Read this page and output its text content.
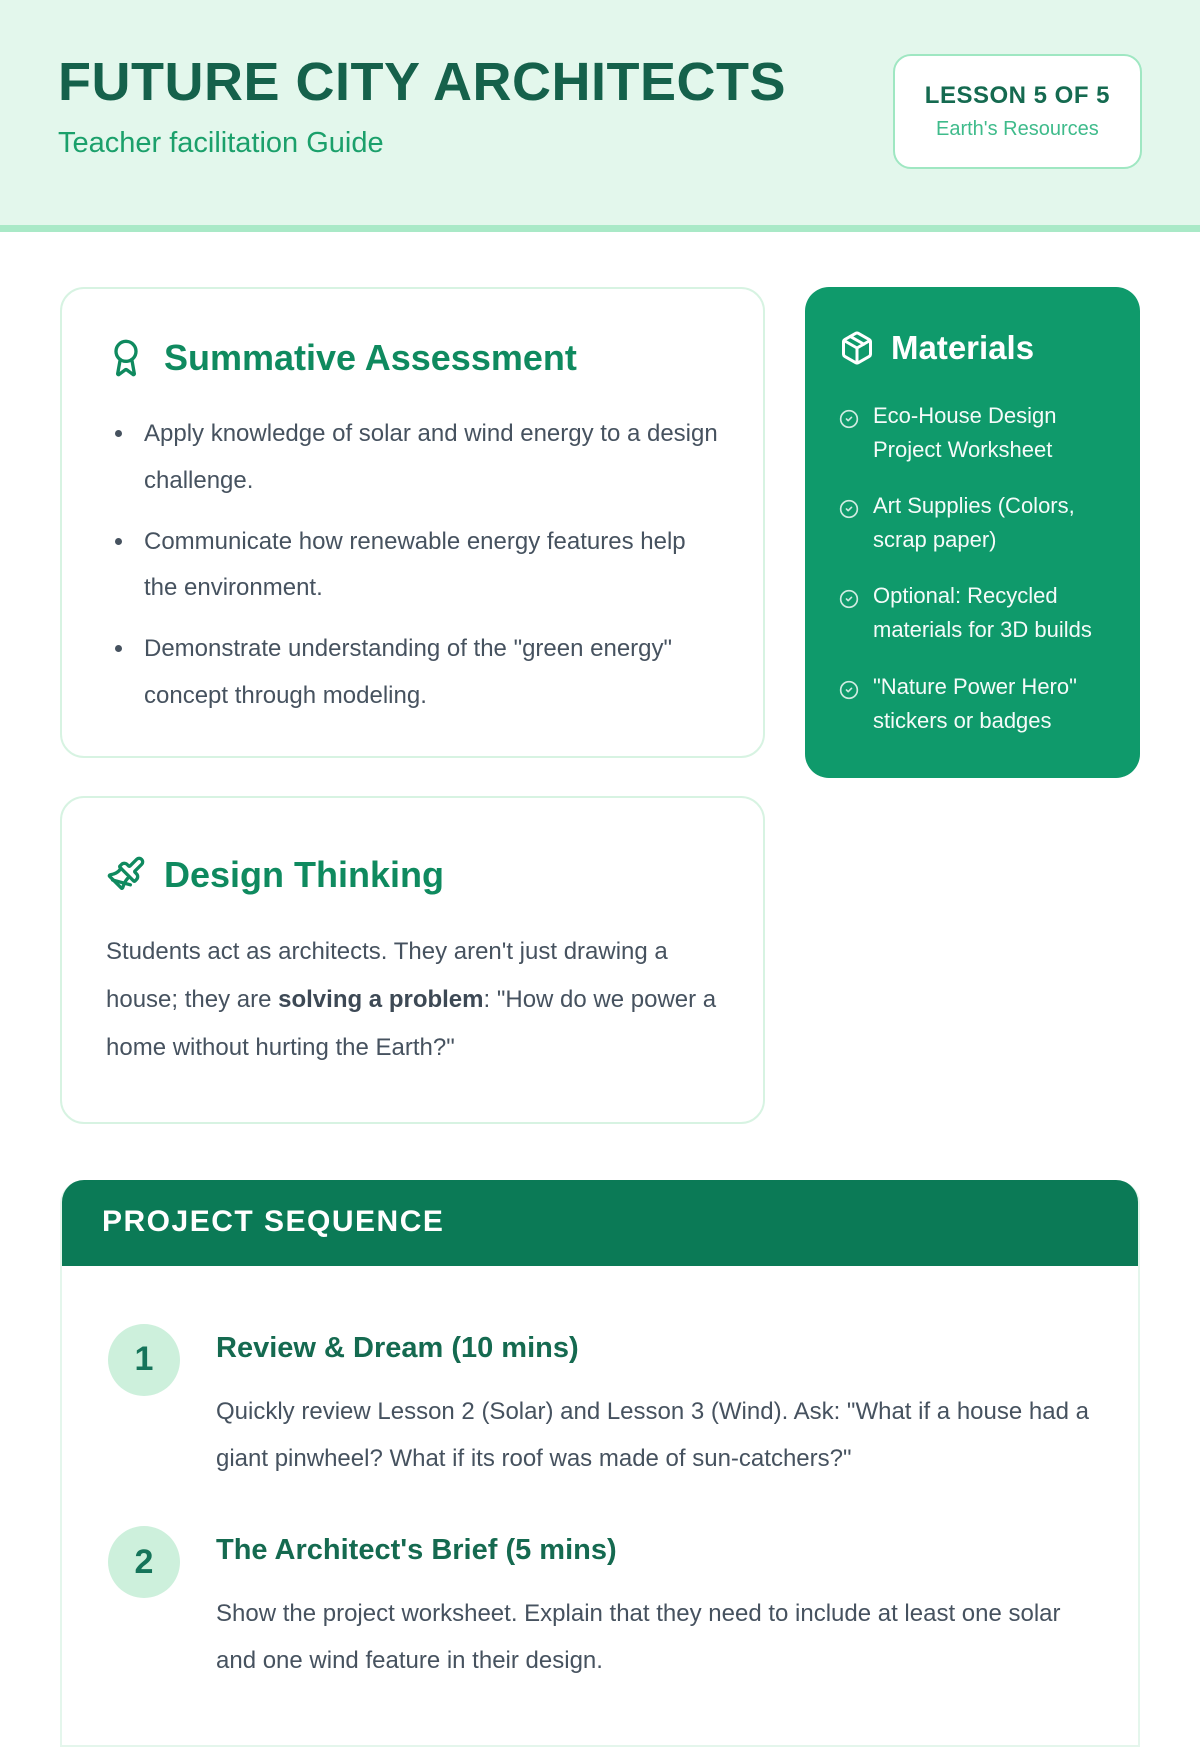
FUTURE CITY ARCHITECTS
Teacher facilitation Guide
LESSON 5 OF 5
Earth's Resources
Summative Assessment
• Apply knowledge of solar and wind energy to a design challenge.
• Communicate how renewable energy features help the environment.
• Demonstrate understanding of the "green energy" concept through modeling.
Materials
Eco-House Design Project Worksheet
Art Supplies (Colors, scrap paper)
Optional: Recycled materials for 3D builds
"Nature Power Hero" stickers or badges
Design Thinking

Students act as architects. They aren't just drawing a house; they are solving a problem: "How do we power a home without hurting the Earth?"

PROJECT SEQUENCE
1	Review & Dream (10 mins)
Quickly review Lesson 2 (Solar) and Lesson 3 (Wind). Ask: "What if a house had a giant pinwheel? What if its roof was made of sun-catchers?"
2	The Architect's Brief (5 mins)
Show the project worksheet. Explain that they need to include at least one solar and one wind feature in their design.
